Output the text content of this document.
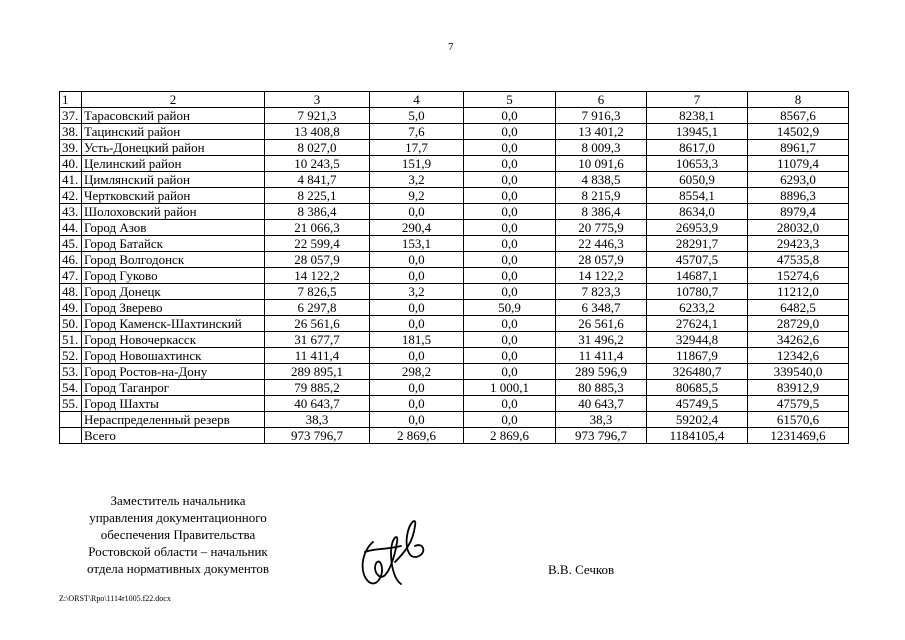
7
1	2	3	4	5	6	7	8
37.	Тарасовский район	7 921,3	5,0	0,0	7 916,3	8238,1	8567,6
38.	Тацинский район	13 408,8	7,6	0,0	13 401,2	13945,1	14502,9
39.	Усть-Донецкий район	8 027,0	17,7	0,0	8 009,3	8617,0	8961,7
40.	Целинский район	10 243,5	151,9	0,0	10 091,6	10653,3	11079,4
41.	Цимлянский район	4 841,7	3,2	0,0	4 838,5	6050,9	6293,0
42.	Чертковский район	8 225,1	9,2	0,0	8 215,9	8554,1	8896,3
43.	Шолоховский район	8 386,4	0,0	0,0	8 386,4	8634,0	8979,4
44.	Город Азов	21 066,3	290,4	0,0	20 775,9	26953,9	28032,0
45.	Город Батайск	22 599,4	153,1	0,0	22 446,3	28291,7	29423,3
46.	Город Волгодонск	28 057,9	0,0	0,0	28 057,9	45707,5	47535,8
47.	Город Гуково	14 122,2	0,0	0,0	14 122,2	14687,1	15274,6
48.	Город Донецк	7 826,5	3,2	0,0	7 823,3	10780,7	11212,0
49.	Город Зверево	6 297,8	0,0	50,9	6 348,7	6233,2	6482,5
50.	Город Каменск-Шахтинский	26 561,6	0,0	0,0	26 561,6	27624,1	28729,0
51.	Город Новочеркасск	31 677,7	181,5	0,0	31 496,2	32944,8	34262,6
52.	Город Новошахтинск	11 411,4	0,0	0,0	11 411,4	11867,9	12342,6
53.	Город Ростов-на-Дону	289 895,1	298,2	0,0	289 596,9	326480,7	339540,0
54.	Город Таганрог	79 885,2	0,0	1 000,1	80 885,3	80685,5	83912,9
55.	Город Шахты	40 643,7	0,0	0,0	40 643,7	45749,5	47579,5
	Нераспределенный резерв	38,3	0,0	0,0	38,3	59202,4	61570,6
	Всего	973 796,7	2 869,6	2 869,6	973 796,7	1184105,4	1231469,6
Заместитель начальника
управления документационного
обеспечения Правительства
Ростовской области – начальник
отдела нормативных документов	В.В. Сечков
Z:\ORST\Rpo\1114r1005.f22.docx
